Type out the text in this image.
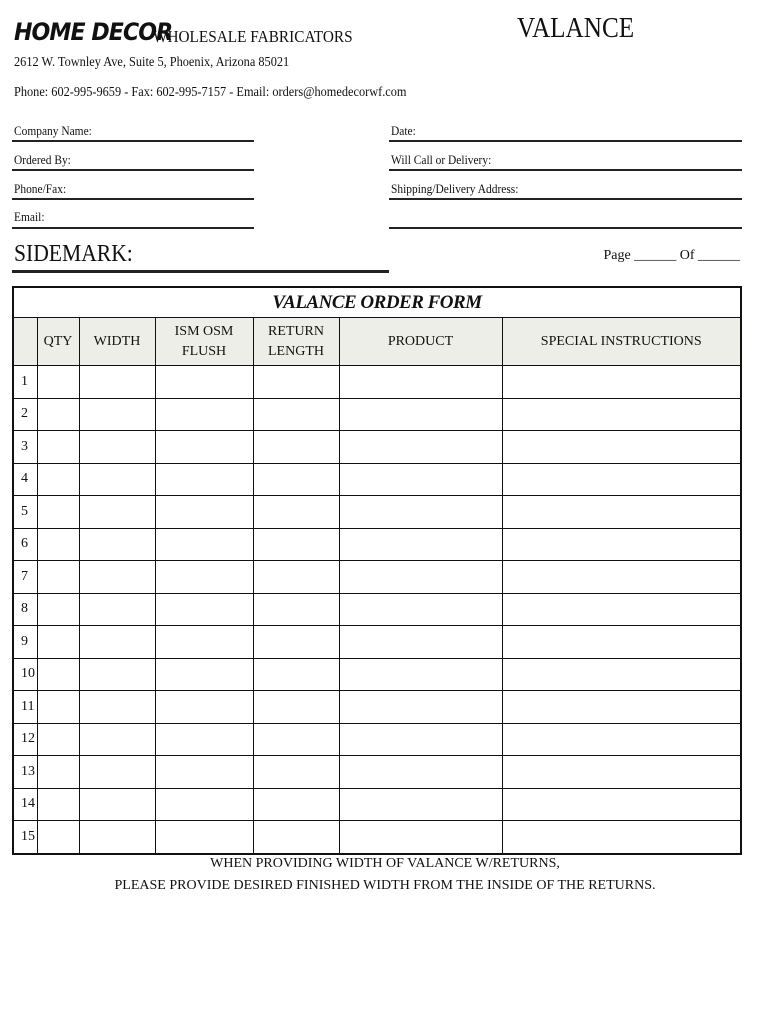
HOME DECOR
WHOLESALE FABRICATORS	VALANCE
2612 W. Townley Ave, Suite 5, Phoenix, Arizona 85021
Phone: 602-995-9659 - Fax: 602-995-7157 - Email: orders@homedecorwf.com
Company Name:
Ordered By:
Phone/Fax:
Email:
Date:
Will Call or Delivery:
Shipping/Delivery Address:
SIDEMARK:	Page ______ Of ______
VALANCE ORDER FORM						
	QTY	WIDTH	ISM OSM FLUSH	RETURN LENGTH	PRODUCT	SPECIAL INSTRUCTIONS
1						
2						
3						
4						
5						
6						
7						
8						
9						
10						
11						
12						
13						
14						
15						
WHEN PROVIDING WIDTH OF VALANCE W/RETURNS,
PLEASE PROVIDE DESIRED FINISHED WIDTH FROM THE INSIDE OF THE RETURNS.
